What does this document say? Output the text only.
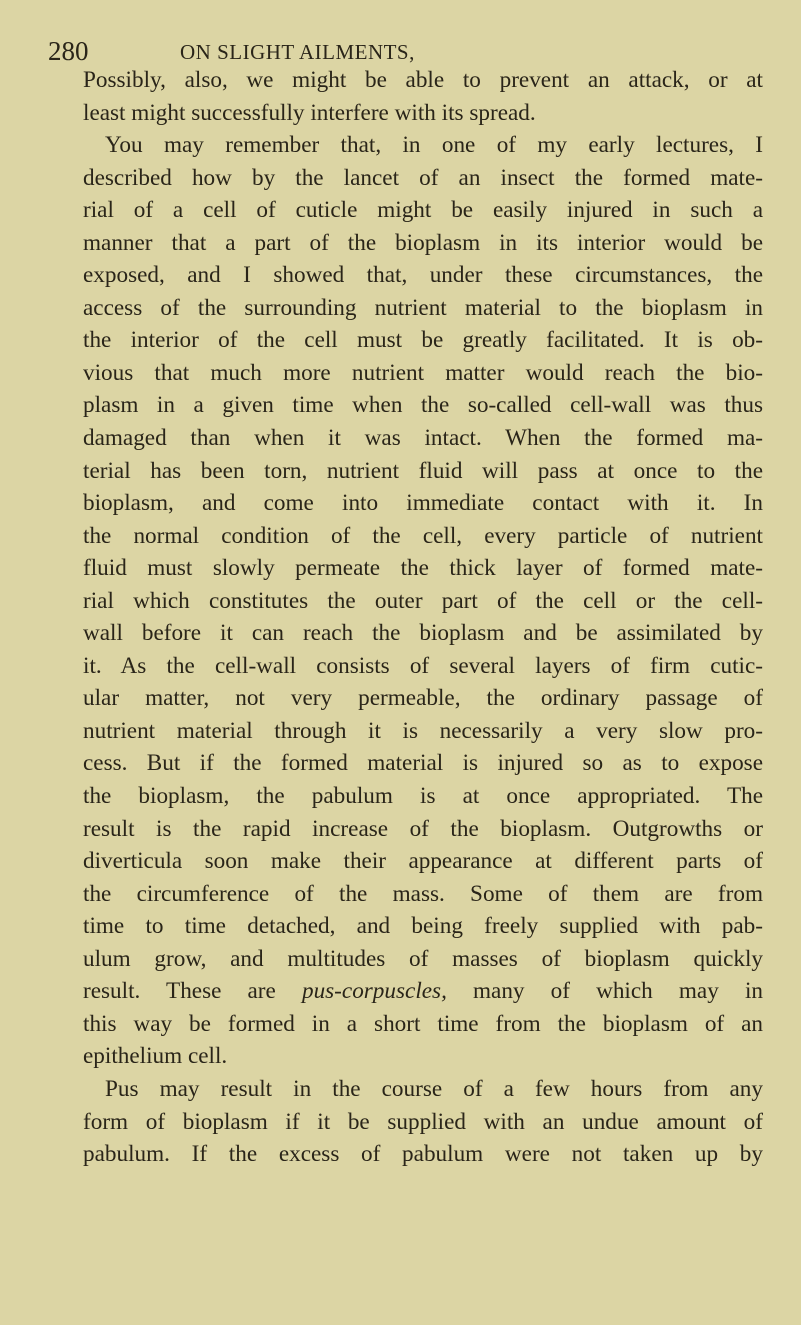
280	ON SLIGHT AILMENTS,
Possibly, also, we might be able to prevent an attack, or at
least might successfully interfere with its spread.
You may remember that, in one of my early lectures, I
described how by the lancet of an insect the formed mate-
rial of a cell of cuticle might be easily injured in such a
manner that a part of the bioplasm in its interior would be
exposed, and I showed that, under these circumstances, the
access of the surrounding nutrient material to the bioplasm in
the interior of the cell must be greatly facilitated. It is ob-
vious that much more nutrient matter would reach the bio-
plasm in a given time when the so-called cell-wall was thus
damaged than when it was intact. When the formed ma-
terial has been torn, nutrient fluid will pass at once to the
bioplasm, and come into immediate contact with it. In
the normal condition of the cell, every particle of nutrient
fluid must slowly permeate the thick layer of formed mate-
rial which constitutes the outer part of the cell or the cell-
wall before it can reach the bioplasm and be assimilated by
it. As the cell-wall consists of several layers of firm cutic-
ular matter, not very permeable, the ordinary passage of
nutrient material through it is necessarily a very slow pro-
cess. But if the formed material is injured so as to expose
the bioplasm, the pabulum is at once appropriated. The
result is the rapid increase of the bioplasm. Outgrowths or
diverticula soon make their appearance at different parts of
the circumference of the mass. Some of them are from
time to time detached, and being freely supplied with pab-
ulum grow, and multitudes of masses of bioplasm quickly
result. These are pus-corpuscles, many of which may in
this way be formed in a short time from the bioplasm of an
epithelium cell.
Pus may result in the course of a few hours from any
form of bioplasm if it be supplied with an undue amount of
pabulum. If the excess of pabulum were not taken up by
